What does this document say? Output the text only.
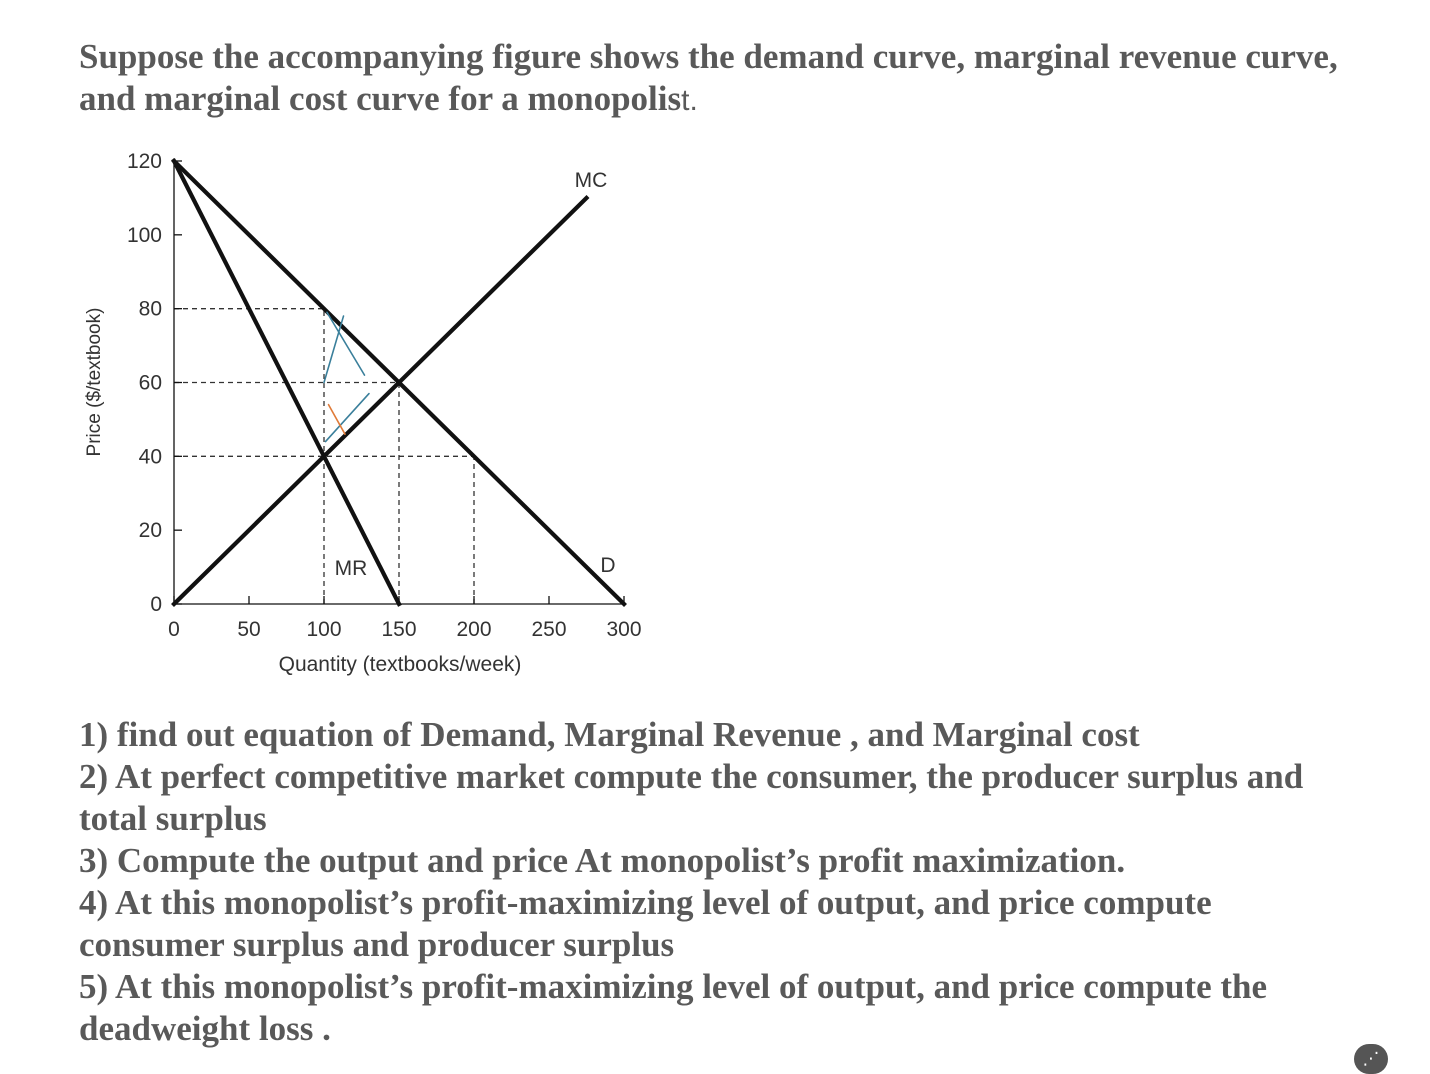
Suppose the accompanying figure shows the demand curve, marginal revenue curve, and marginal cost curve for a monopolist.
0
20
40
60
80
100
120
0	50 100 150 200 250 300
MC
MR	D
Quantity (textbooks/week)
Price ($/textbook)

1) find out equation of Demand, Marginal Revenue , and Marginal cost

2) At perfect competitive market compute the consumer, the producer surplus and total surplus

3) Compute the output and price At monopolist’s profit maximization.

4) At this monopolist’s profit-maximizing level of output, and price compute consumer surplus and producer surplus

5) At this monopolist’s profit-maximizing level of output, and price compute the deadweight loss .

⋰
